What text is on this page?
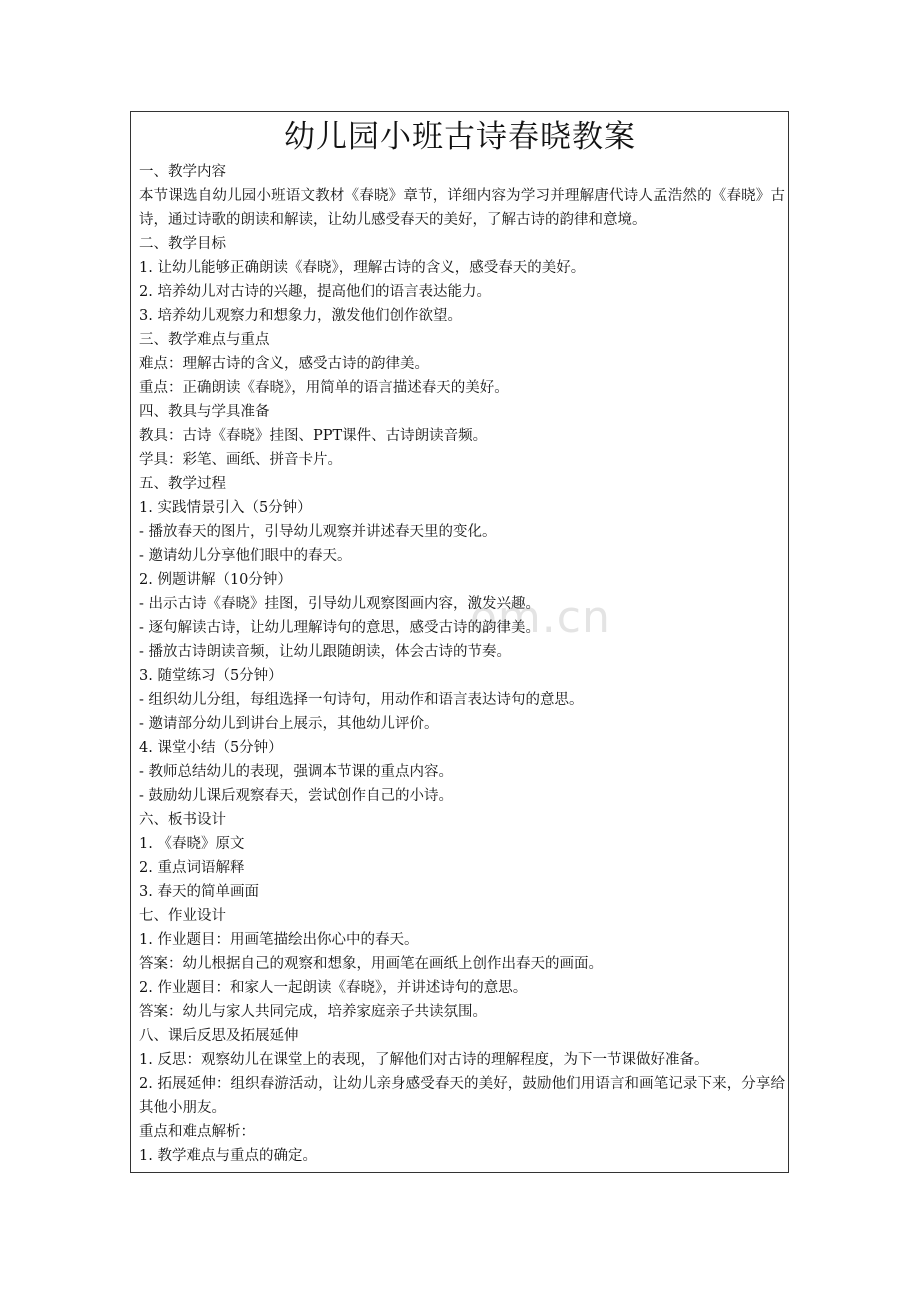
om.cn
幼儿园小班古诗春晓教案
一、教学内容
本节课选自幼儿园小班语文教材《春晓》章节，详细内容为学习并理解唐代诗人孟浩然的《春晓》古诗，通过诗歌的朗读和解读，让幼儿感受春天的美好，了解古诗的韵律和意境。
二、教学目标
1. 让幼儿能够正确朗读《春晓》，理解古诗的含义，感受春天的美好。
2. 培养幼儿对古诗的兴趣，提高他们的语言表达能力。
3. 培养幼儿观察力和想象力，激发他们创作欲望。
三、教学难点与重点
难点：理解古诗的含义，感受古诗的韵律美。
重点：正确朗读《春晓》，用简单的语言描述春天的美好。
四、教具与学具准备
教具：古诗《春晓》挂图、PPT课件、古诗朗读音频。
学具：彩笔、画纸、拼音卡片。
五、教学过程
1. 实践情景引入（5分钟）
- 播放春天的图片，引导幼儿观察并讲述春天里的变化。
- 邀请幼儿分享他们眼中的春天。
2. 例题讲解（10分钟）
- 出示古诗《春晓》挂图，引导幼儿观察图画内容，激发兴趣。
- 逐句解读古诗，让幼儿理解诗句的意思，感受古诗的韵律美。
- 播放古诗朗读音频，让幼儿跟随朗读，体会古诗的节奏。
3. 随堂练习（5分钟）
- 组织幼儿分组，每组选择一句诗句，用动作和语言表达诗句的意思。
- 邀请部分幼儿到讲台上展示，其他幼儿评价。
4. 课堂小结（5分钟）
- 教师总结幼儿的表现，强调本节课的重点内容。
- 鼓励幼儿课后观察春天，尝试创作自己的小诗。
六、板书设计
1. 《春晓》原文
2. 重点词语解释
3. 春天的简单画面
七、作业设计
1. 作业题目：用画笔描绘出你心中的春天。
答案：幼儿根据自己的观察和想象，用画笔在画纸上创作出春天的画面。
2. 作业题目：和家人一起朗读《春晓》，并讲述诗句的意思。
答案：幼儿与家人共同完成，培养家庭亲子共读氛围。
八、课后反思及拓展延伸
1. 反思：观察幼儿在课堂上的表现，了解他们对古诗的理解程度，为下一节课做好准备。
2. 拓展延伸：组织春游活动，让幼儿亲身感受春天的美好，鼓励他们用语言和画笔记录下来，分享给其他小朋友。
重点和难点解析：
1. 教学难点与重点的确定。
